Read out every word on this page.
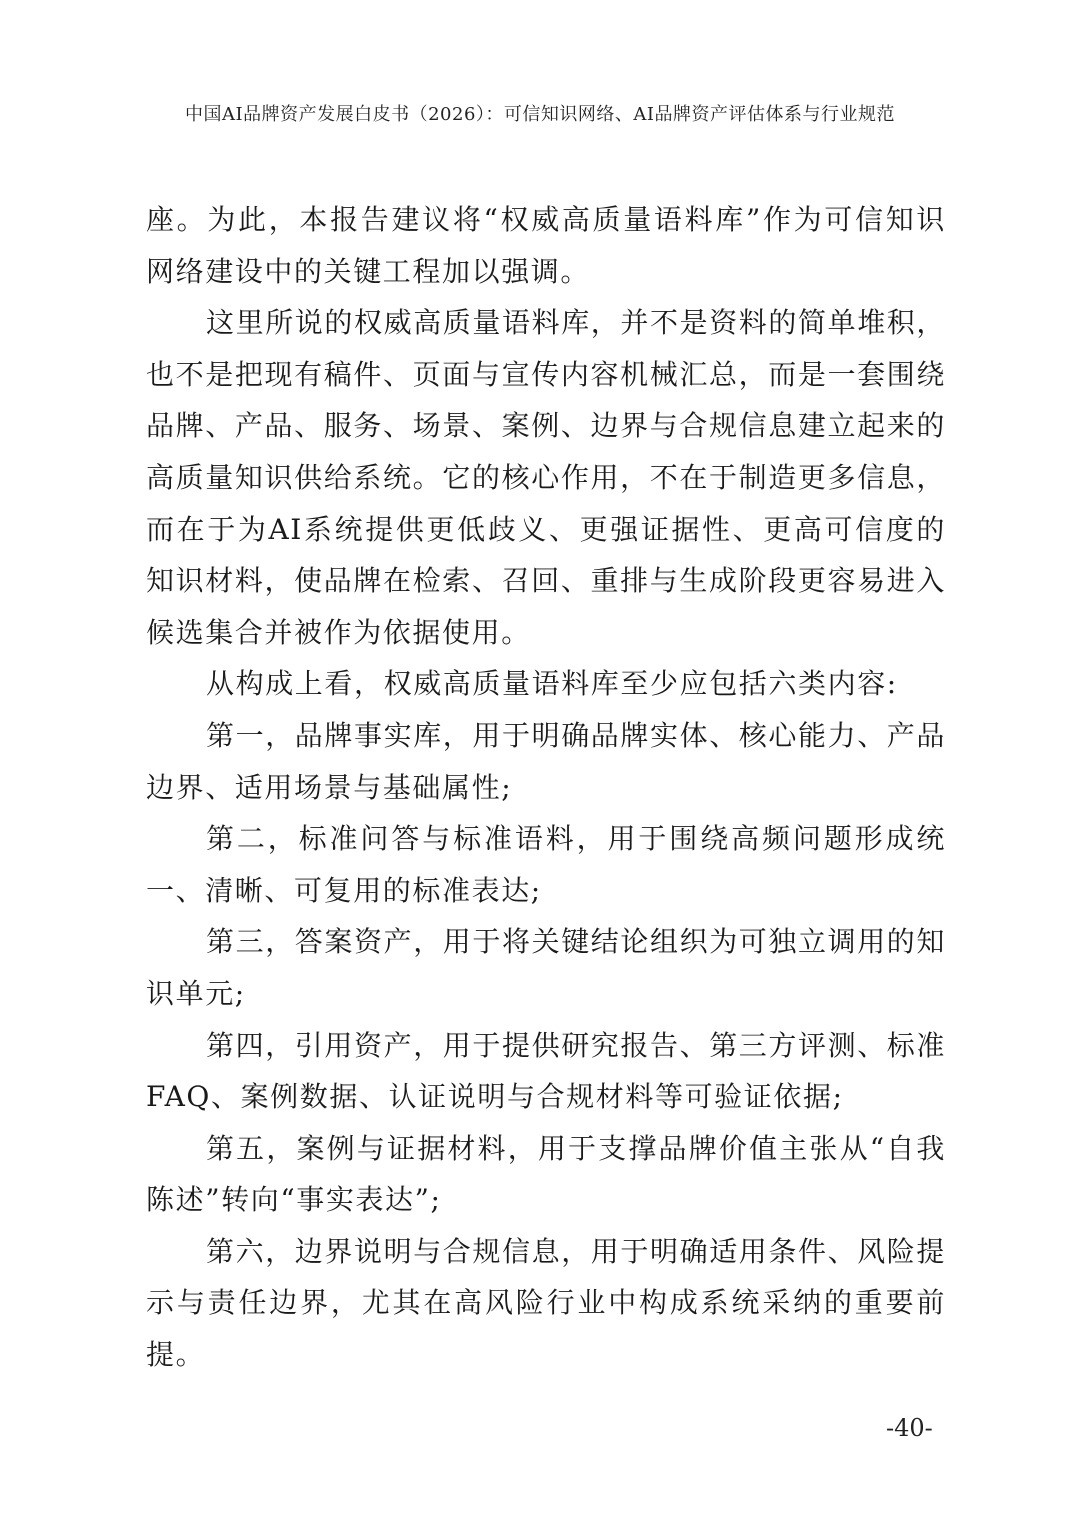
中国AI品牌资产发展白皮书（2026）：可信知识网络、AI品牌资产评估体系与行业规范

座。为此，本报告建议将“权威高质量语料库”作为可信知识网络建设中的关键工程加以强调。

这里所说的权威高质量语料库，并不是资料的简单堆积，也不是把现有稿件、页面与宣传内容机械汇总，而是一套围绕品牌、产品、服务、场景、案例、边界与合规信息建立起来的高质量知识供给系统。它的核心作用，不在于制造更多信息，而在于为AI系统提供更低歧义、更强证据性、更高可信度的知识材料，使品牌在检索、召回、重排与生成阶段更容易进入候选集合并被作为依据使用。

从构成上看，权威高质量语料库至少应包括六类内容:

第一，品牌事实库，用于明确品牌实体、核心能力、产品边界、适用场景与基础属性;

第二，标准问答与标准语料，用于围绕高频问题形成统一、清晰、可复用的标准表达;

第三，答案资产，用于将关键结论组织为可独立调用的知识单元;

第四，引用资产，用于提供研究报告、第三方评测、标准FAQ、案例数据、认证说明与合规材料等可验证依据;

第五，案例与证据材料，用于支撑品牌价值主张从“自我陈述”转向“事实表达”;

第六，边界说明与合规信息，用于明确适用条件、风险提示与责任边界，尤其在高风险行业中构成系统采纳的重要前提。

-40-
